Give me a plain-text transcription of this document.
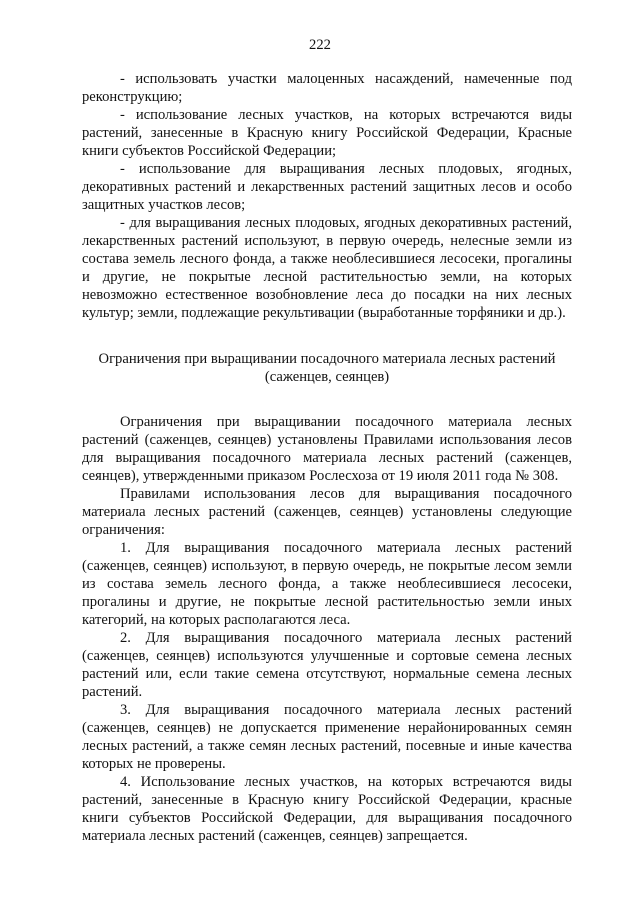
222

- использовать участки малоценных насаждений, намеченные под реконструкцию;

- использование лесных участков, на которых встречаются виды растений, занесенные в Красную книгу Российской Федерации, Красные книги субъектов Российской Федерации;

- использование для выращивания лесных плодовых, ягодных, декоративных растений и лекарственных растений защитных лесов и особо защитных участков лесов;

- для выращивания лесных плодовых, ягодных декоративных растений, лекарственных растений используют, в первую очередь, нелесные земли из состава земель лесного фонда, а также необлесившиеся лесосеки, прогалины и другие, не покрытые лесной растительностью земли, на которых невозможно естественное возобновление леса до посадки на них лесных культур; земли, подлежащие рекультивации (выработанные торфяники и др.).

Ограничения при выращивании посадочного материала лесных растений (саженцев, сеянцев)

Ограничения при выращивании посадочного материала лесных растений (саженцев, сеянцев) установлены Правилами использования лесов для выращивания посадочного материала лесных растений (саженцев, сеянцев), утвержденными приказом Рослесхоза от 19 июля 2011 года № 308.

Правилами использования лесов для выращивания посадочного материала лесных растений (саженцев, сеянцев) установлены следующие ограничения:

1. Для выращивания посадочного материала лесных растений (саженцев, сеянцев) используют, в первую очередь, не покрытые лесом земли из состава земель лесного фонда, а также необлесившиеся лесосеки, прогалины и другие, не покрытые лесной растительностью земли иных категорий, на которых располагаются леса.

2. Для выращивания посадочного материала лесных растений (саженцев, сеянцев) используются улучшенные и сортовые семена лесных растений или, если такие семена отсутствуют, нормальные семена лесных растений.

3. Для выращивания посадочного материала лесных растений (саженцев, сеянцев) не допускается применение нерайонированных семян лесных растений, а также семян лесных растений, посевные и иные качества которых не проверены.

4. Использование лесных участков, на которых встречаются виды растений, занесенные в Красную книгу Российской Федерации, красные книги субъектов Российской Федерации, для выращивания посадочного материала лесных растений (саженцев, сеянцев) запрещается.
